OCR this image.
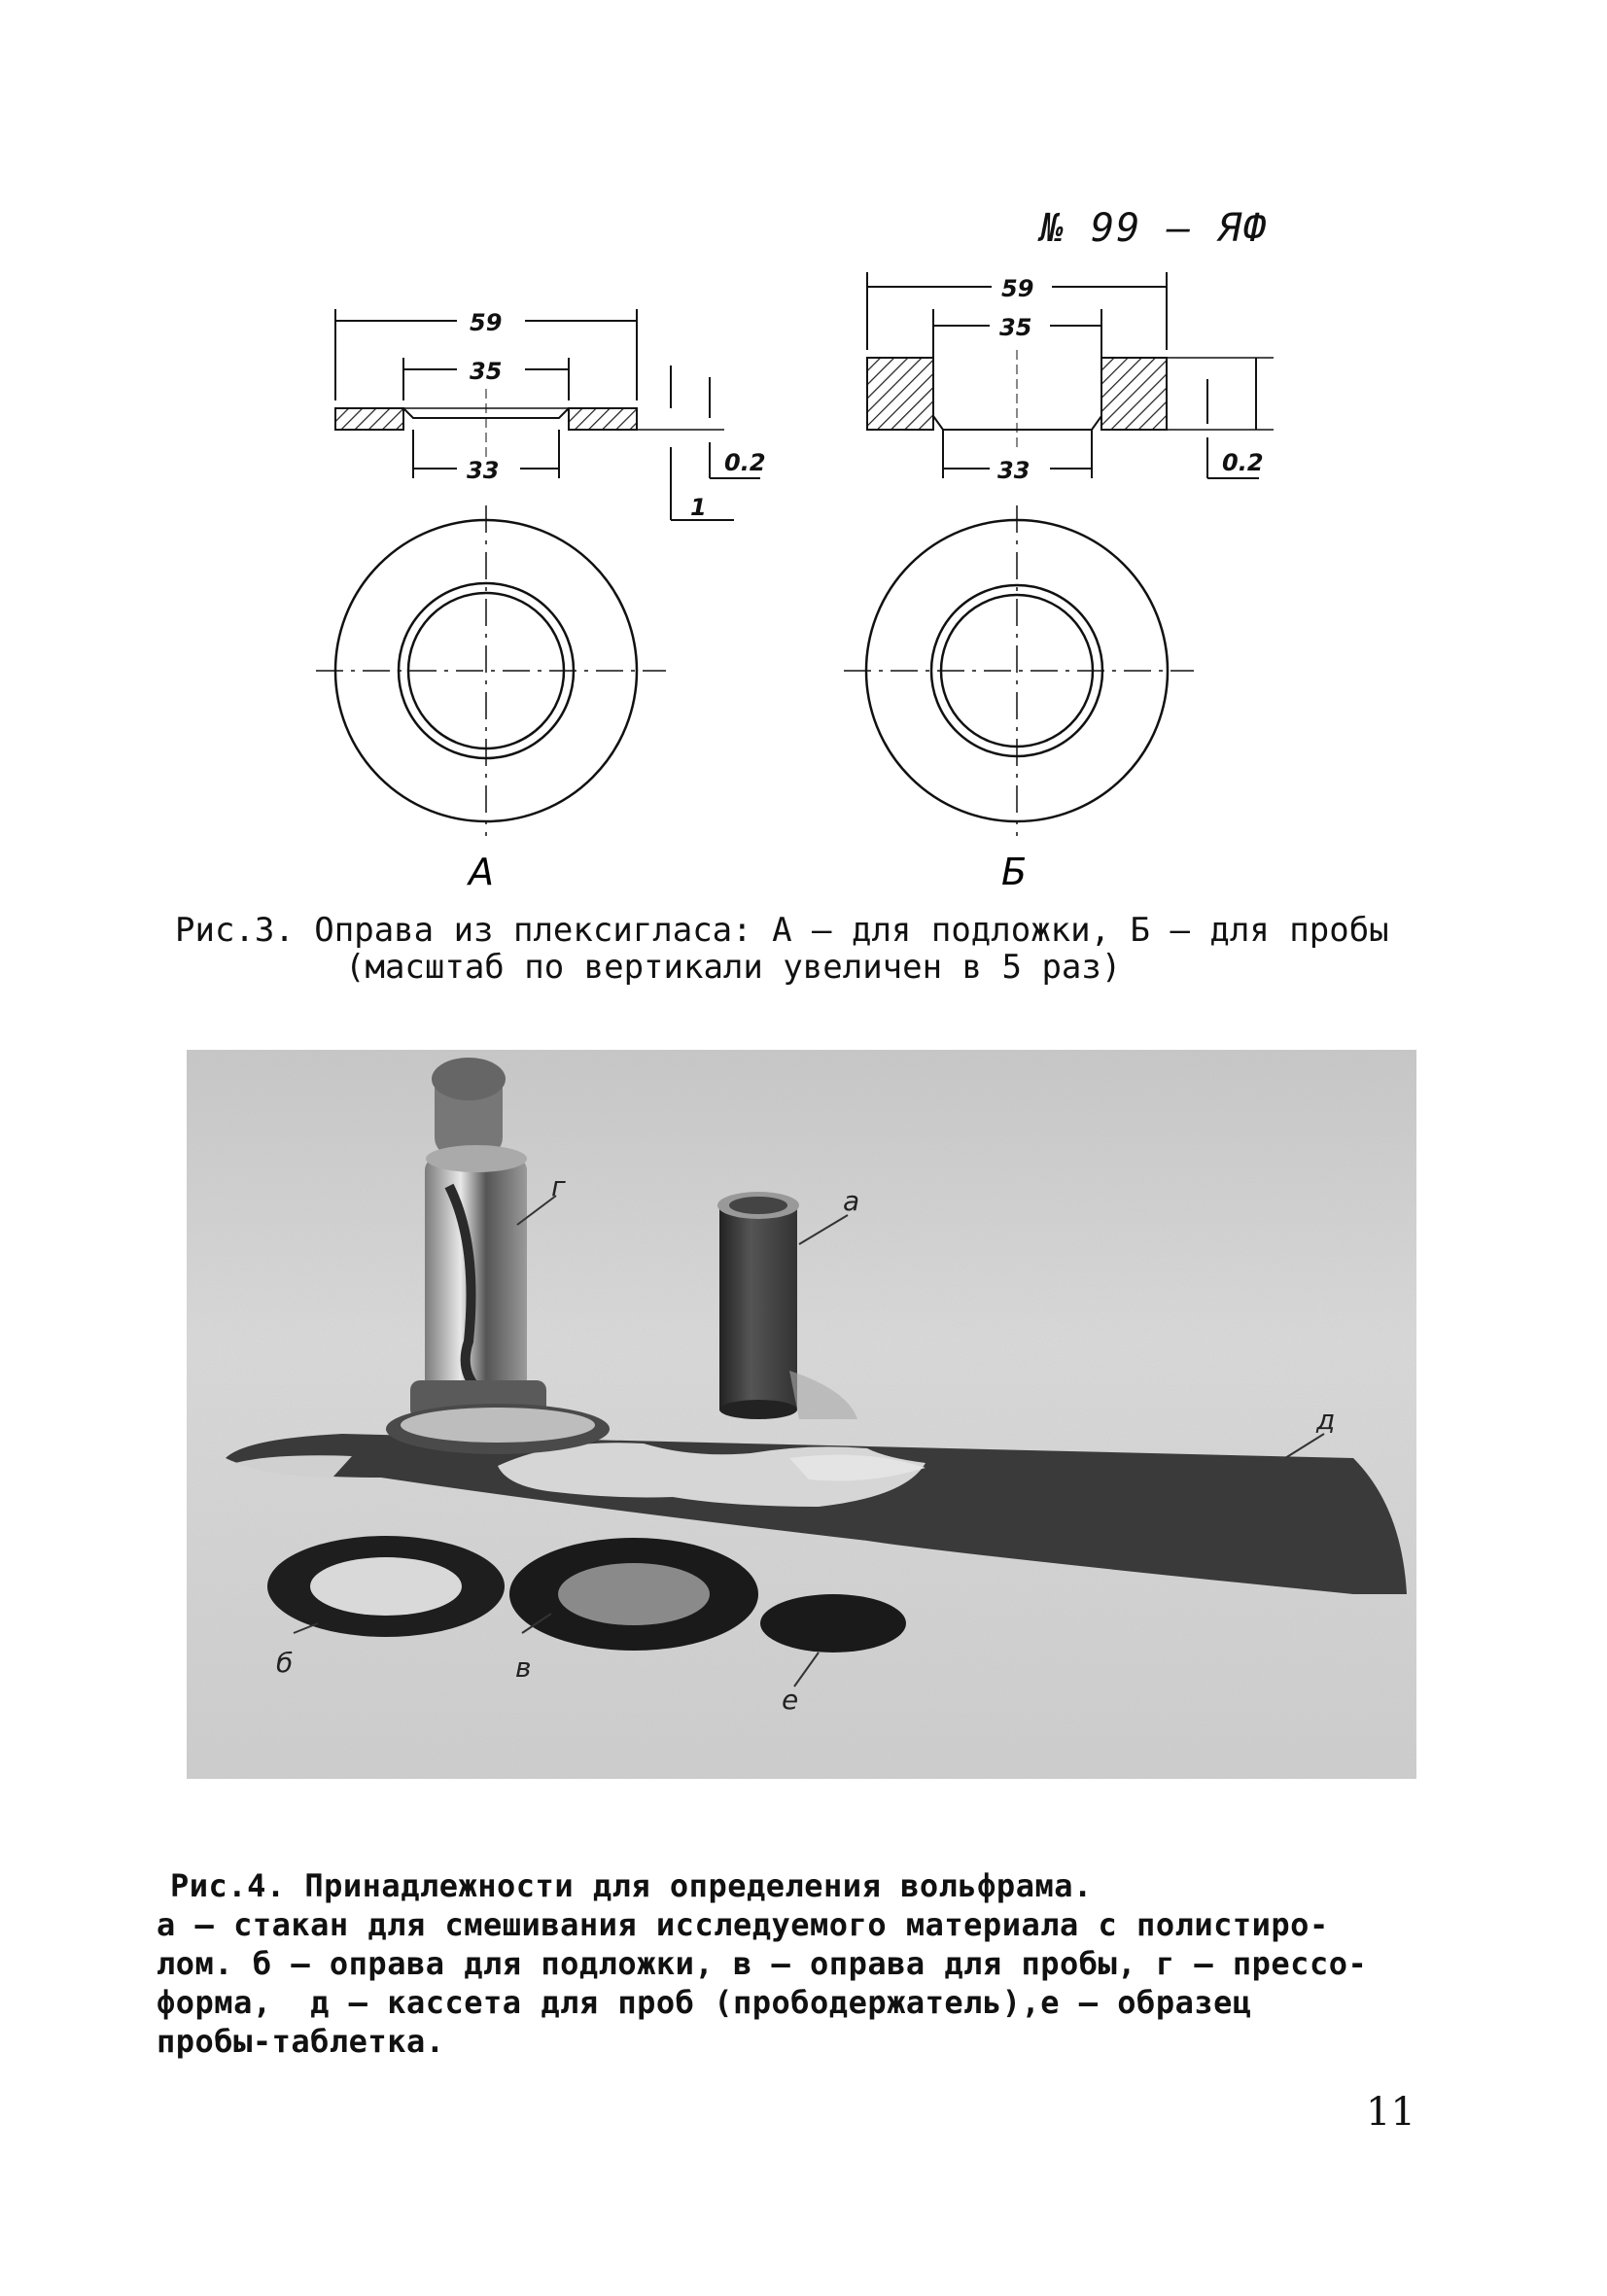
№ 99 – ЯФ
59
35
33	0.2
1
А
59
35
33	0.2
Б
Рис.3. Оправа из плексигласа: А – для подложки, Б – для пробы
(масштаб по вертикали увеличен в 5 раз)
г	а
д
б	в
е
Рис.4. Принадлежности для определения вольфрама.
а – стакан для смешивания исследуемого материала с полистиро-
лом. б – оправа для подложки, в – оправа для пробы, г – прессо-
форма,  д – кассета для проб (прободержатель),е – образец
пробы-таблетка.
11
